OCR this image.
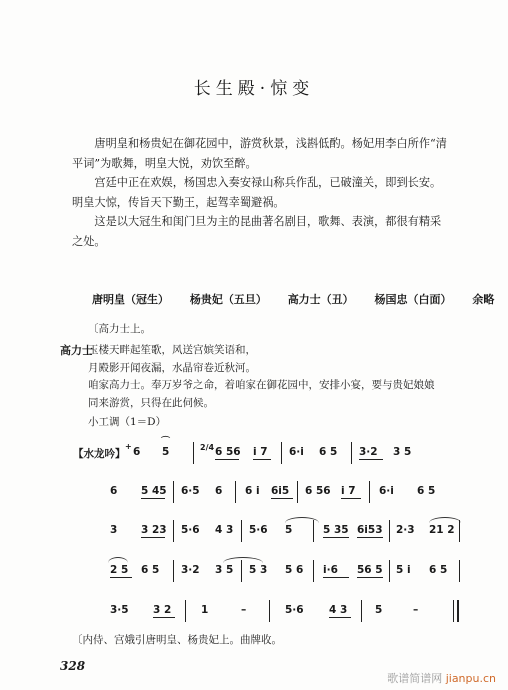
长生殿·惊变

唐明皇和杨贵妃在御花园中，游赏秋景，浅斟低酌。杨妃用李白所作“清平词”为歌舞，明皇大悦，劝饮至醉。

宫廷中正在欢娱，杨国忠入奏安禄山称兵作乱，已破潼关，即到长安。明皇大惊，传旨天下勤王，起驾幸蜀避祸。

这是以大冠生和闺门旦为主的昆曲著名剧目，歌舞、表演，都很有精采之处。

唐明皇（冠生） 杨贵妃（五旦） 高力士（丑） 杨国忠（白面） 余略
〔高力士上。
高力士
玉楼天畔起笙歌，风送宫嫔笑语和，
月殿影开闻夜漏，水晶帘卷近秋河。
咱家高力士。奉万岁爷之命，着咱家在御花园中，安排小宴，要与贵妃娘娘
同来游赏，只得在此伺候。
小工调（1＝D）
【水龙吟】
+ 6
⌒
5	2/4 6 56 i 7 6·i 6 5 3·2 3 5
6 5 45 6·5 6 6 i 6i5 6 56 i 7 6·i 6 5
3 3 23 5·6 4 3 5·6 5	5 35 6i53 2·3 21 2
2 5 6 5 3·2 3 5 5 3 5 6 i·6 56 5 5 i 6 5
3·5 3 2	1	–	5·6 4 3	5	–
〔内侍、宫娥引唐明皇、杨贵妃上。曲牌收。
328
歌谱简谱网 jianpu.cn
